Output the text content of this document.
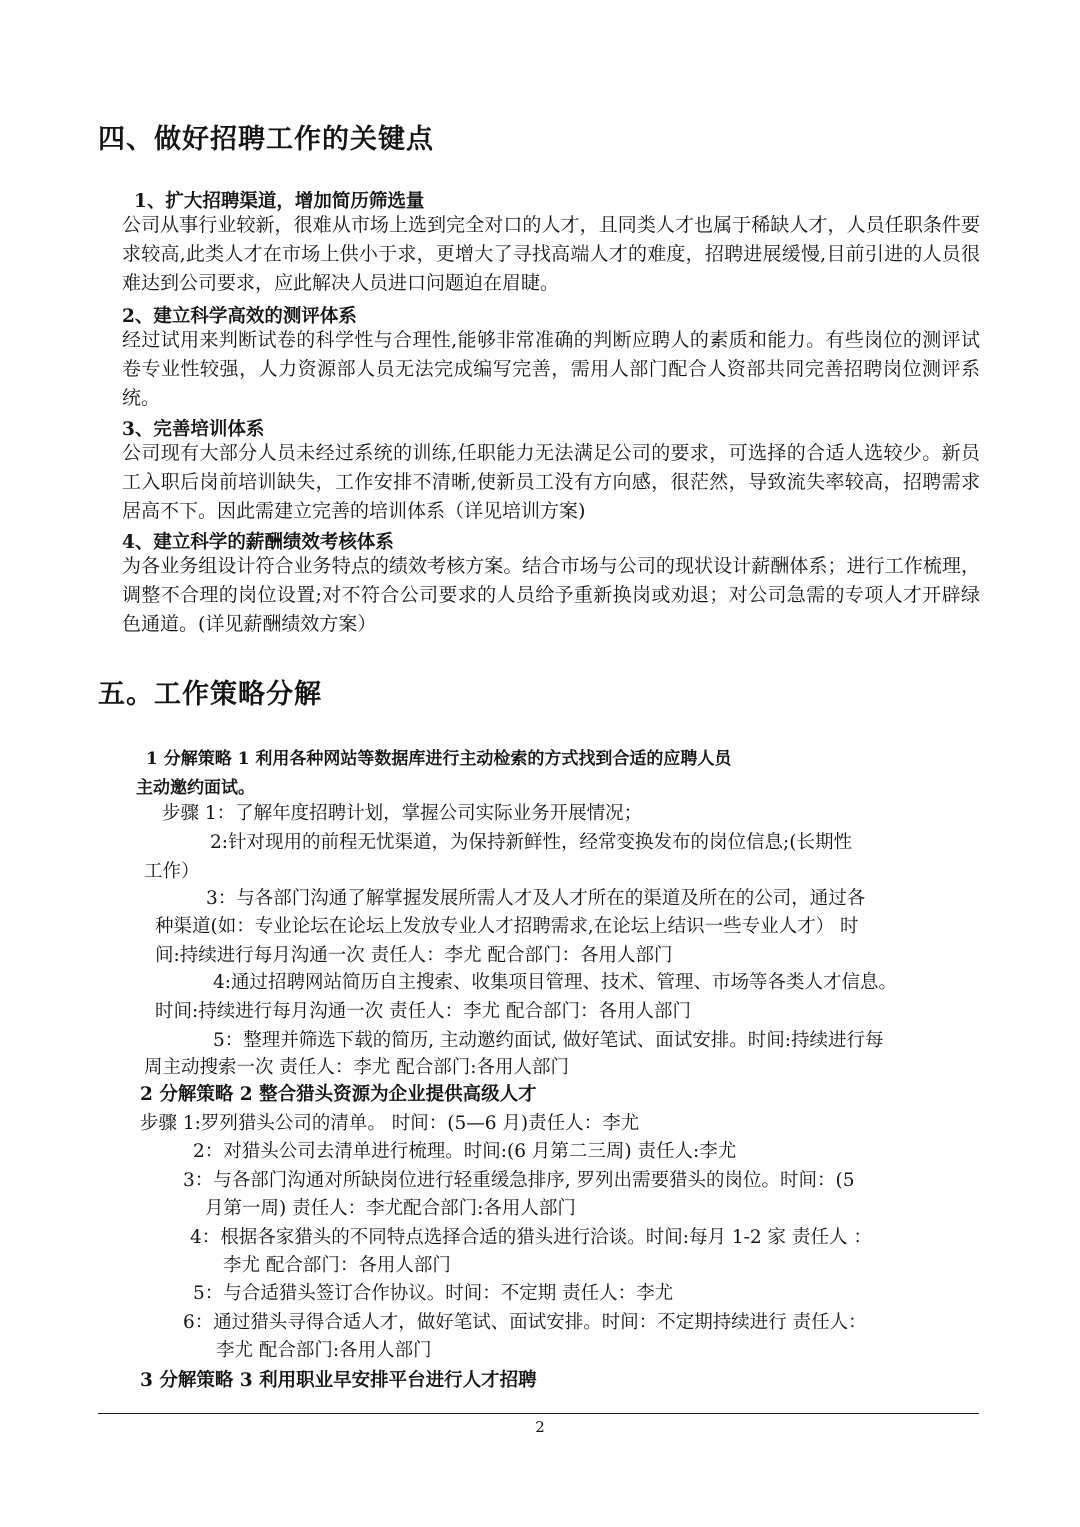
四、做好招聘工作的关键点
1、扩大招聘渠道，增加简历筛选量

公司从事行业较新，很难从市场上选到完全对口的人才，且同类人才也属于稀缺人才，人员任职条件要求较高,此类人才在市场上供小于求，更增大了寻找高端人才的难度，招聘进展缓慢,目前引进的人员很难达到公司要求，应此解决人员进口问题迫在眉睫。

2、建立科学高效的测评体系

经过试用来判断试卷的科学性与合理性,能够非常准确的判断应聘人的素质和能力。有些岗位的测评试卷专业性较强，人力资源部人员无法完成编写完善，需用人部门配合人资部共同完善招聘岗位测评系统。

3、完善培训体系

公司现有大部分人员未经过系统的训练,任职能力无法满足公司的要求，可选择的合适人选较少。新员工入职后岗前培训缺失，工作安排不清晰,使新员工没有方向感，很茫然，导致流失率较高，招聘需求居高不下。因此需建立完善的培训体系（详见培训方案)

4、建立科学的薪酬绩效考核体系

为各业务组设计符合业务特点的绩效考核方案。结合市场与公司的现状设计薪酬体系；进行工作梳理，调整不合理的岗位设置;对不符合公司要求的人员给予重新换岗或劝退；对公司急需的专项人才开辟绿色通道。(详见薪酬绩效方案）

五。工作策略分解
1 分解策略 1 利用各种网站等数据库进行主动检索的方式找到合适的应聘人员
主动邀约面试。
步骤 1：了解年度招聘计划，掌握公司实际业务开展情况；
2:针对现用的前程无忧渠道，为保持新鲜性，经常变换发布的岗位信息;(长期性
工作）
3：与各部门沟通了解掌握发展所需人才及人才所在的渠道及所在的公司，通过各
种渠道(如：专业论坛在论坛上发放专业人才招聘需求,在论坛上结识一些专业人才） 时
间:持续进行每月沟通一次 责任人：李尤 配合部门：各用人部门
4:通过招聘网站简历自主搜索、收集项目管理、技术、管理、市场等各类人才信息。
时间:持续进行每月沟通一次 责任人：李尤 配合部门：各用人部门
5：整理并筛选下载的简历, 主动邀约面试, 做好笔试、面试安排。时间:持续进行每
周主动搜索一次 责任人：李尤 配合部门:各用人部门
2 分解策略 2 整合猎头资源为企业提供高级人才
步骤 1:罗列猎头公司的清单。 时间：(5—6 月)责任人：李尤
2：对猎头公司去清单进行梳理。时间:(6 月第二三周) 责任人:李尤
3：与各部门沟通对所缺岗位进行轻重缓急排序, 罗列出需要猎头的岗位。时间：(5
月第一周) 责任人：李尤配合部门:各用人部门
4：根据各家猎头的不同特点选择合适的猎头进行洽谈。时间:每月 1-2 家 责任人 ：
李尤 配合部门：各用人部门
5：与合适猎头签订合作协议。时间：不定期 责任人：李尤
6：通过猎头寻得合适人才，做好笔试、面试安排。时间：不定期持续进行 责任人：
李尤 配合部门:各用人部门
3 分解策略 3 利用职业早安排平台进行人才招聘
2
